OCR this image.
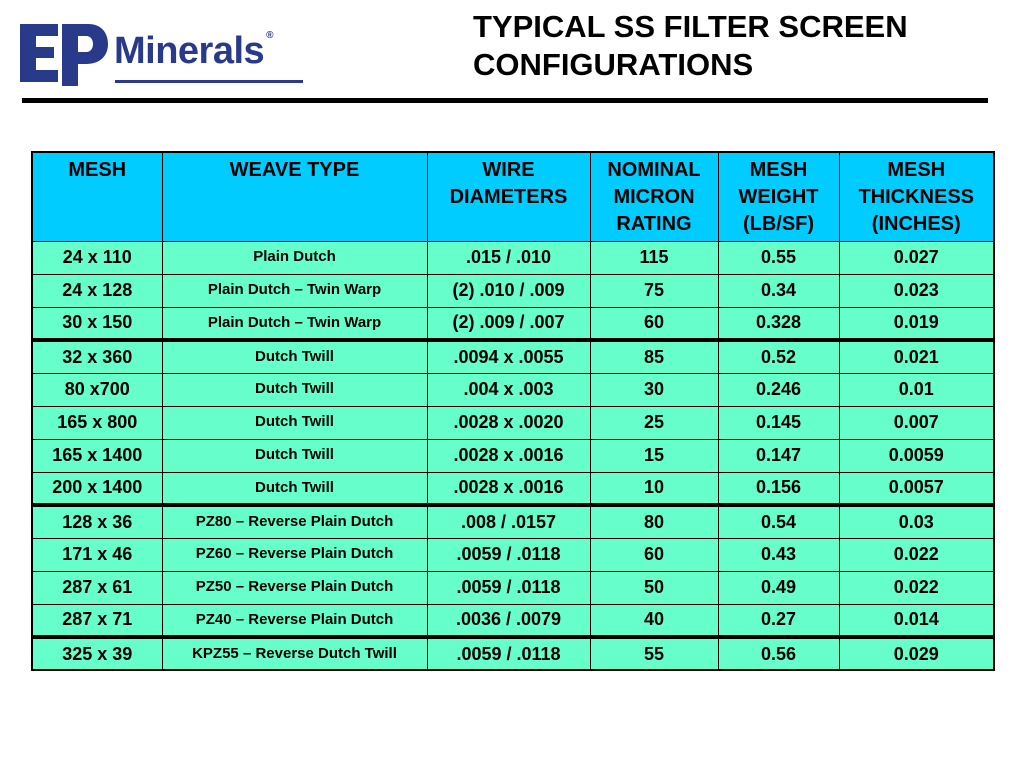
Minerals ®	TYPICAL SS FILTER SCREEN
CONFIGURATIONS
MESH	WEAVE TYPE	WIRE DIAMETERS	NOMINAL MICRON RATING	MESH WEIGHT (LB/SF)	MESH THICKNESS (INCHES)
24 x 110	Plain Dutch	.015 / .010	115	0.55	0.027
24 x 128	Plain Dutch – Twin Warp	(2) .010 / .009	75	0.34	0.023
30 x 150	Plain Dutch – Twin Warp	(2) .009 / .007	60	0.328	0.019
32 x 360	Dutch Twill	.0094 x .0055	85	0.52	0.021
80 x700	Dutch Twill	.004 x .003	30	0.246	0.01
165 x 800	Dutch Twill	.0028 x .0020	25	0.145	0.007
165 x 1400	Dutch Twill	.0028 x .0016	15	0.147	0.0059
200 x 1400	Dutch Twill	.0028 x .0016	10	0.156	0.0057
128 x 36	PZ80 – Reverse Plain Dutch	.008 / .0157	80	0.54	0.03
171 x 46	PZ60 – Reverse Plain Dutch	.0059 / .0118	60	0.43	0.022
287 x 61	PZ50 – Reverse Plain Dutch	.0059 / .0118	50	0.49	0.022
287 x 71	PZ40 – Reverse Plain Dutch	.0036 / .0079	40	0.27	0.014
325 x 39	KPZ55 – Reverse Dutch Twill	.0059 / .0118	55	0.56	0.029
